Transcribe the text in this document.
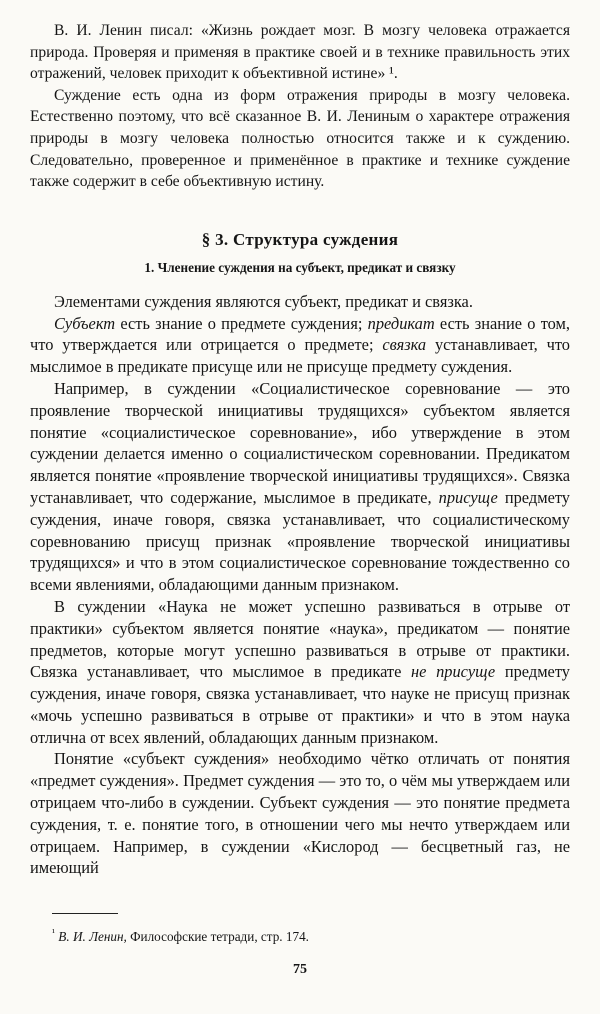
В. И. Ленин писал: «Жизнь рождает мозг. В мозгу человека отражается природа. Проверяя и применяя в практике своей и в технике правильность этих отражений, человек приходит к объективной истине» ¹.

Суждение есть одна из форм отражения природы в мозгу человека. Естественно поэтому, что всё сказанное В. И. Лениным о характере отражения природы в мозгу человека полностью относится также и к суждению. Следовательно, проверенное и применённое в практике и технике суждение также содержит в себе объективную истину.

§ 3. Структура суждения
1. Членение суждения на субъект, предикат и связку

Элементами суждения являются субъект, предикат и связка.

Субъект есть знание о предмете суждения; предикат есть знание о том, что утверждается или отрицается о предмете; связка устанавливает, что мыслимое в предикате присуще или не присуще предмету суждения.

Например, в суждении «Социалистическое соревнование — это проявление творческой инициативы трудящихся» субъектом является понятие «социалистическое соревнование», ибо утверждение в этом суждении делается именно о социалистическом соревновании. Предикатом является понятие «проявление творческой инициативы трудящихся». Связка устанавливает, что содержание, мыслимое в предикате, присуще предмету суждения, иначе говоря, связка устанавливает, что социалистическому соревнованию присущ признак «проявление творческой инициативы трудящихся» и что в этом социалистическое соревнование тождественно со всеми явлениями, обладающими данным признаком.

В суждении «Наука не может успешно развиваться в отрыве от практики» субъектом является понятие «наука», предикатом — понятие предметов, которые могут успешно развиваться в отрыве от практики. Связка устанавливает, что мыслимое в предикате не присуще предмету суждения, иначе говоря, связка устанавливает, что науке не присущ признак «мочь успешно развиваться в отрыве от практики» и что в этом наука отлична от всех явлений, обладающих данным признаком.

Понятие «субъект суждения» необходимо чётко отличать от понятия «предмет суждения». Предмет суждения — это то, о чём мы утверждаем или отрицаем что-либо в суждении. Субъект суждения — это понятие предмета суждения, т. е. понятие того, в отношении чего мы нечто утверждаем или отрицаем. Например, в суждении «Кислород — бесцветный газ, не имеющий

$^{^1}$ В. И. Ленин, Философские тетради, стр. 174.
75
